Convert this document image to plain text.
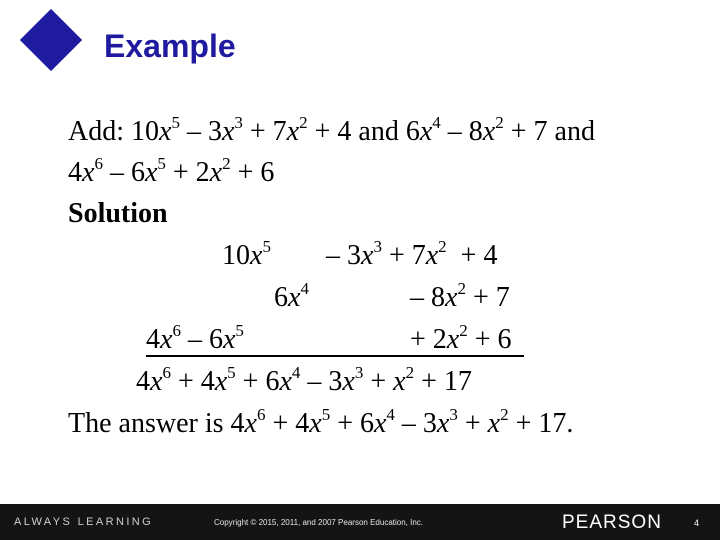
Example
Add: $10x^5 - 3x^3 + 7x^2 + 4$ and $6x^4 - 8x^2 + 7$ and
$4x^6 - 6x^5 + 2x^2 + 6$
Solution
$10x^5 - 3x^3 + 7x^2 + 4$
$6x^4$	– $8x^2 + 7$
$4x^6 - 6x^5$	+ $2x^2 + 6$
$4x^6 + 4x^5 + 6x^4 - 3x^3 + x^2 + 17$
The answer is $4x^6 + 4x^5 + 6x^4 - 3x^3 + x^2 + 17$.
ALWAYS LEARNING	Copyright © 2015, 2011, and 2007 Pearson Education, Inc.	PEARSON	4
